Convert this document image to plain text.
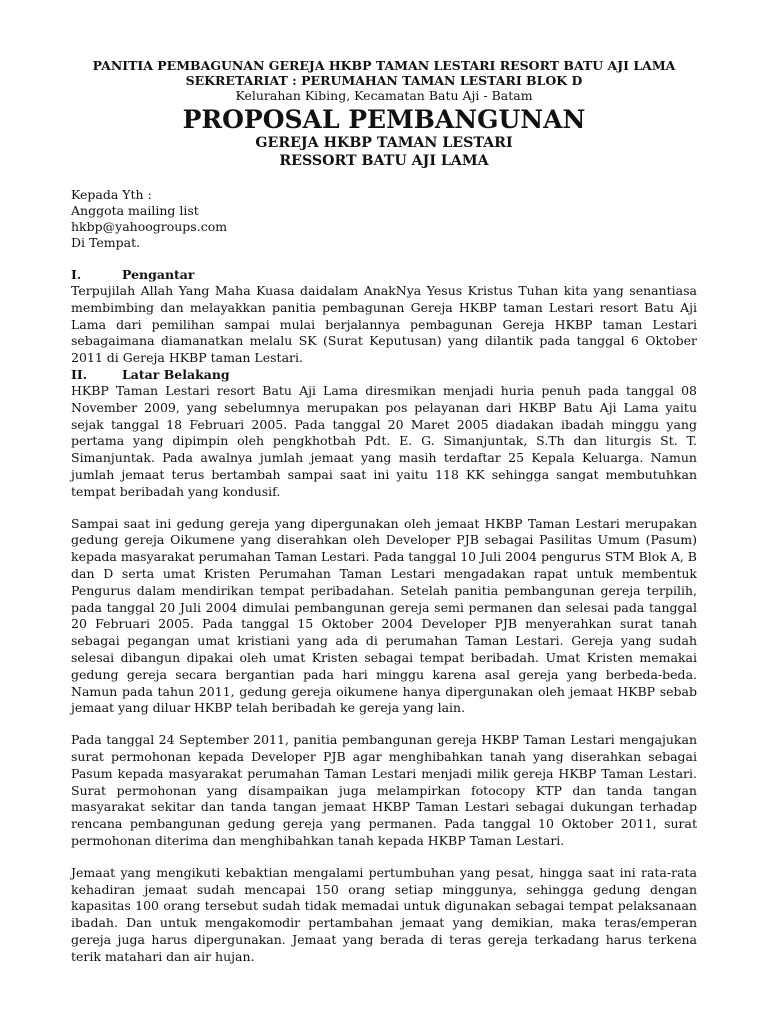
PANITIA PEMBAGUNAN GEREJA HKBP TAMAN LESTARI RESORT BATU AJI LAMA
SEKRETARIAT : PERUMAHAN TAMAN LESTARI BLOK D
Kelurahan Kibing, Kecamatan Batu Aji - Batam
PROPOSAL PEMBANGUNAN
GEREJA HKBP TAMAN LESTARI
RESSORT BATU AJI LAMA
Kepada Yth :
Anggota mailing list
hkbp@yahoogroups.com
Di Tempat.
I.	Pengantar

Terpujilah Allah Yang Maha Kuasa daidalam AnakNya Yesus Kristus Tuhan kita yang senantiasa membimbing dan melayakkan panitia pembagunan Gereja HKBP taman Lestari resort Batu Aji Lama dari pemilihan sampai mulai berjalannya pembagunan Gereja HKBP taman Lestari sebagaimana diamanatkan melalu SK (Surat Keputusan) yang dilantik pada tanggal 6 Oktober 2011 di Gereja HKBP taman Lestari.

II.	Latar Belakang

HKBP Taman Lestari resort Batu Aji Lama diresmikan menjadi huria penuh pada tanggal 08 November 2009, yang sebelumnya merupakan pos pelayanan dari HKBP Batu Aji Lama yaitu sejak tanggal 18 Februari 2005. Pada tanggal 20 Maret 2005 diadakan ibadah minggu yang pertama yang dipimpin oleh pengkhotbah Pdt. E. G. Simanjuntak, S.Th dan liturgis St. T. Simanjuntak. Pada awalnya jumlah jemaat yang masih terdaftar 25 Kepala Keluarga. Namun jumlah jemaat terus bertambah sampai saat ini yaitu 118 KK sehingga sangat membutuhkan tempat beribadah yang kondusif.

Sampai saat ini gedung gereja yang dipergunakan oleh jemaat HKBP Taman Lestari merupakan gedung gereja Oikumene yang diserahkan oleh Developer PJB sebagai Pasilitas Umum (Pasum) kepada masyarakat perumahan Taman Lestari. Pada tanggal 10 Juli 2004 pengurus STM Blok A, B dan D serta umat Kristen Perumahan Taman Lestari mengadakan rapat untuk membentuk Pengurus dalam mendirikan tempat peribadahan. Setelah panitia pembangunan gereja terpilih, pada tanggal 20 Juli 2004 dimulai pembangunan gereja semi permanen dan selesai pada tanggal 20 Februari 2005. Pada tanggal 15 Oktober 2004 Developer PJB menyerahkan surat tanah sebagai pegangan umat kristiani yang ada di perumahan Taman Lestari. Gereja yang sudah selesai dibangun dipakai oleh umat Kristen sebagai tempat beribadah. Umat Kristen memakai gedung gereja secara bergantian pada hari minggu karena asal gereja yang berbeda-beda. Namun pada tahun 2011, gedung gereja oikumene hanya dipergunakan oleh jemaat HKBP sebab jemaat yang diluar HKBP telah beribadah ke gereja yang lain.

Pada tanggal 24 September 2011, panitia pembangunan gereja HKBP Taman Lestari mengajukan surat permohonan kepada Developer PJB agar menghibahkan tanah yang diserahkan sebagai Pasum kepada masyarakat perumahan Taman Lestari menjadi milik gereja HKBP Taman Lestari. Surat permohonan yang disampaikan juga melampirkan fotocopy KTP dan tanda tangan masyarakat sekitar dan tanda tangan jemaat HKBP Taman Lestari sebagai dukungan terhadap rencana pembangunan gedung gereja yang permanen. Pada tanggal 10 Oktober 2011, surat permohonan diterima dan menghibahkan tanah kepada HKBP Taman Lestari.

Jemaat yang mengikuti kebaktian mengalami pertumbuhan yang pesat, hingga saat ini rata-rata kehadiran jemaat sudah mencapai 150 orang setiap minggunya, sehingga gedung dengan kapasitas 100 orang tersebut sudah tidak memadai untuk digunakan sebagai tempat pelaksanaan ibadah. Dan untuk mengakomodir pertambahan jemaat yang demikian, maka teras/emperan gereja juga harus dipergunakan. Jemaat yang berada di teras gereja terkadang harus terkena terik matahari dan air hujan.
